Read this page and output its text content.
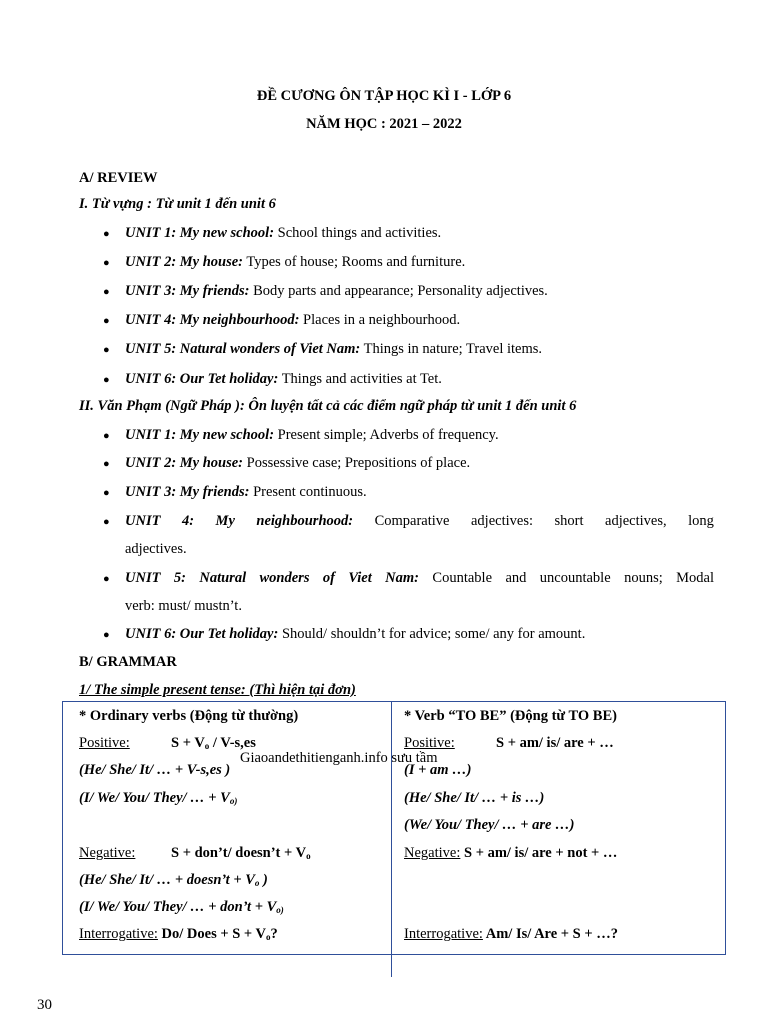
ĐỀ CƯƠNG ÔN TẬP HỌC KÌ I - LỚP 6
NĂM HỌC : 2021 – 2022
A/ REVIEW
I. Từ vựng : Từ unit 1 đến unit 6
● UNIT 1: My new school: School things and activities.
● UNIT 2: My house: Types of house; Rooms and furniture.
● UNIT 3: My friends: Body parts and appearance; Personality adjectives.
● UNIT 4: My neighbourhood: Places in a neighbourhood.
● UNIT 5: Natural wonders of Viet Nam: Things in nature; Travel items.
● UNIT 6: Our Tet holiday: Things and activities at Tet.
II. Văn Phạm (Ngữ Pháp ): Ôn luyện tất cả các điểm ngữ pháp từ unit 1 đến unit 6
● UNIT 1: My new school: Present simple; Adverbs of frequency.
● UNIT 2: My house: Possessive case; Prepositions of place.
● UNIT 3: My friends: Present continuous.
● UNIT 4: My neighbourhood: Comparative adjectives: short adjectives, long
adjectives.
● UNIT 5: Natural wonders of Viet Nam: Countable and uncountable nouns; Modal
verb: must/ mustn’t.
● UNIT 6: Our Tet holiday: Should/ shouldn’t for advice; some/ any for amount.
B/ GRAMMAR
1/ The simple present tense: (Thì hiện tại đơn)
* Ordinary verbs (Động từ thường)
Positive:	$S + V_o / V-s,es$
(He/ She/ It/ … + V-s,es )
(I/ We/ You/ They/ … + $V_{o)}$
Negative: S + don’t/ doesn’t + $V_o$
(He/ She/ It/ … + doesn’t + $V_o$ )
(I/ We/ You/ They/ … + don’t + $V_{o)}$
Interrogative: Do/ Does + $S + V_o$?
* Verb “TO BE” (Động từ TO BE)
Positive:	S + am/ is/ are + …
(I + am …)
(He/ She/ It/ … + is …)
(We/ You/ They/ … + are …)
Negative: S + am/ is/ are + not + …
Interrogative: Am/ Is/ Are + S + …?
Giaoandethitienganh.info sưu tầm
30
